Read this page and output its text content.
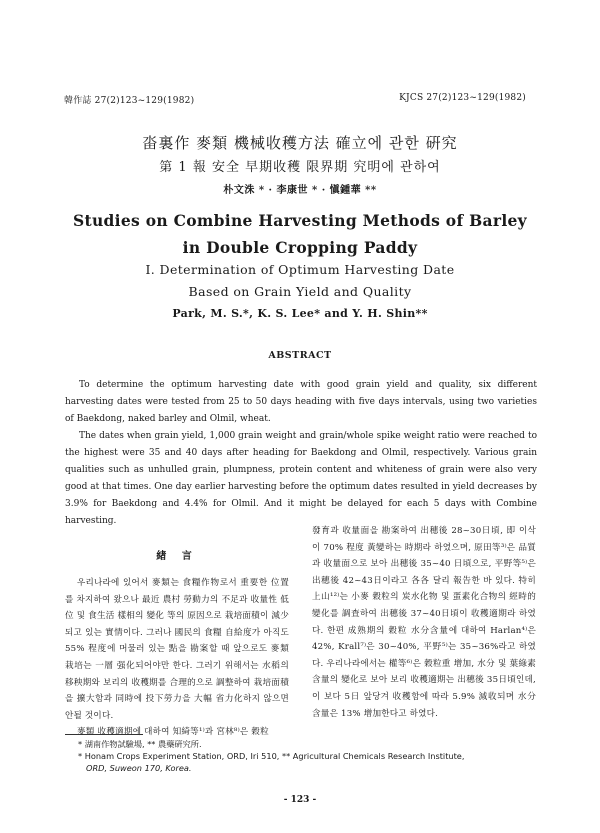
韓作誌 27(2)123~129(1982)	KJCS 27(2)123~129(1982)
畓裏作 麥類 機械收穫方法 確立에 관한 硏究
第 1 報 安全 早期收穫 限界期 究明에 관하여
朴文洙 * · 李康世 * · 愼鍾華 **
Studies on Combine Harvesting Methods of Barley
in Double Cropping Paddy
I. Determination of Optimum Harvesting Date
Based on Grain Yield and Quality
Park, M. S.*, K. S. Lee* and Y. H. Shin**
ABSTRACT

To determine the optimum harvesting date with good grain yield and quality, six different harvesting dates were tested from 25 to 50 days heading with five days intervals, using two varieties of Baekdong, naked barley and Olmil, wheat.

The dates when grain yield, 1,000 grain weight and grain/whole spike weight ratio were reached to the highest were 35 and 40 days after heading for Baekdong and Olmil, respectively. Various grain qualities such as unhulled grain, plumpness, protein content and whiteness of grain were also very good at that times. One day earlier harvesting before the optimum dates resulted in yield decreases by 3.9% for Baekdong and 4.4% for Olmil. And it might be delayed for each 5 days with Combine harvesting.

緖 言

우리나라에 있어서 麥類는 食糧作物로서 重要한 位置를 차지하여 왔으나 最近 農村 勞動力의 不足과 收量性 低位 및 食生活 樣相의 變化 等의 原因으로 栽培面積이 減少되고 있는 實情이다. 그러나 國民의 食糧 自給度가 아직도 55% 程度에 머물러 있는 點을 勘案할 때 앞으로도 麥類栽培는 一層 强化되어야만 한다. 그러기 위해서는 水稻의 移秧期와 보리의 收穫期를 合理的으로 調整하여 栽培面積을 擴大함과 同時에 投下勞力을 大幅 省力化하지 않으면 안될 것이다.

麥類 收穫適期에 대하여 知綺等¹⁾과 宮林⁸⁾은 穀粒

發育과 收量面을 勘案하여 出穗後 28~30日頃, 即 이삭이 70% 程度 黃變하는 時期라 하였으며, 原田等³⁾은 品質과 收量面으로 보아 出穗後 35~40 日頃으로, 平野等⁵⁾은 出穗後 42~43日이라고 各各 달리 報告한 바 있다. 特히 上山¹²⁾는 小麥 穀粒의 炭水化物 및 蛋素化合物의 經時的 變化를 調査하여 出穗後 37~40日頃이 收穫適期라 하였다. 한편 成熟期의 穀粒 水分含量에 대하여 Harlan⁴⁾은 42%, Krall⁷⁾은 30~40%, 平野⁵⁾는 35~36%라고 하였다. 우리나라에서는 權等⁶⁾은 穀粒重 增加, 水分 및 葉綠素含量의 變化로 보아 보리 收穫適期는 出穗後 35日頃인데, 이 보다 5日 앞당겨 收穫함에 따라 5.9% 減收되며 水分含量은 13% 增加한다고 하였다.

* 湖南作物試驗場, ** 農藥硏究所.
* Honam Crops Experiment Station, ORD, Iri 510, ** Agricultural Chemicals Research Institute,
ORD, Suweon 170, Korea.
- 123 -
